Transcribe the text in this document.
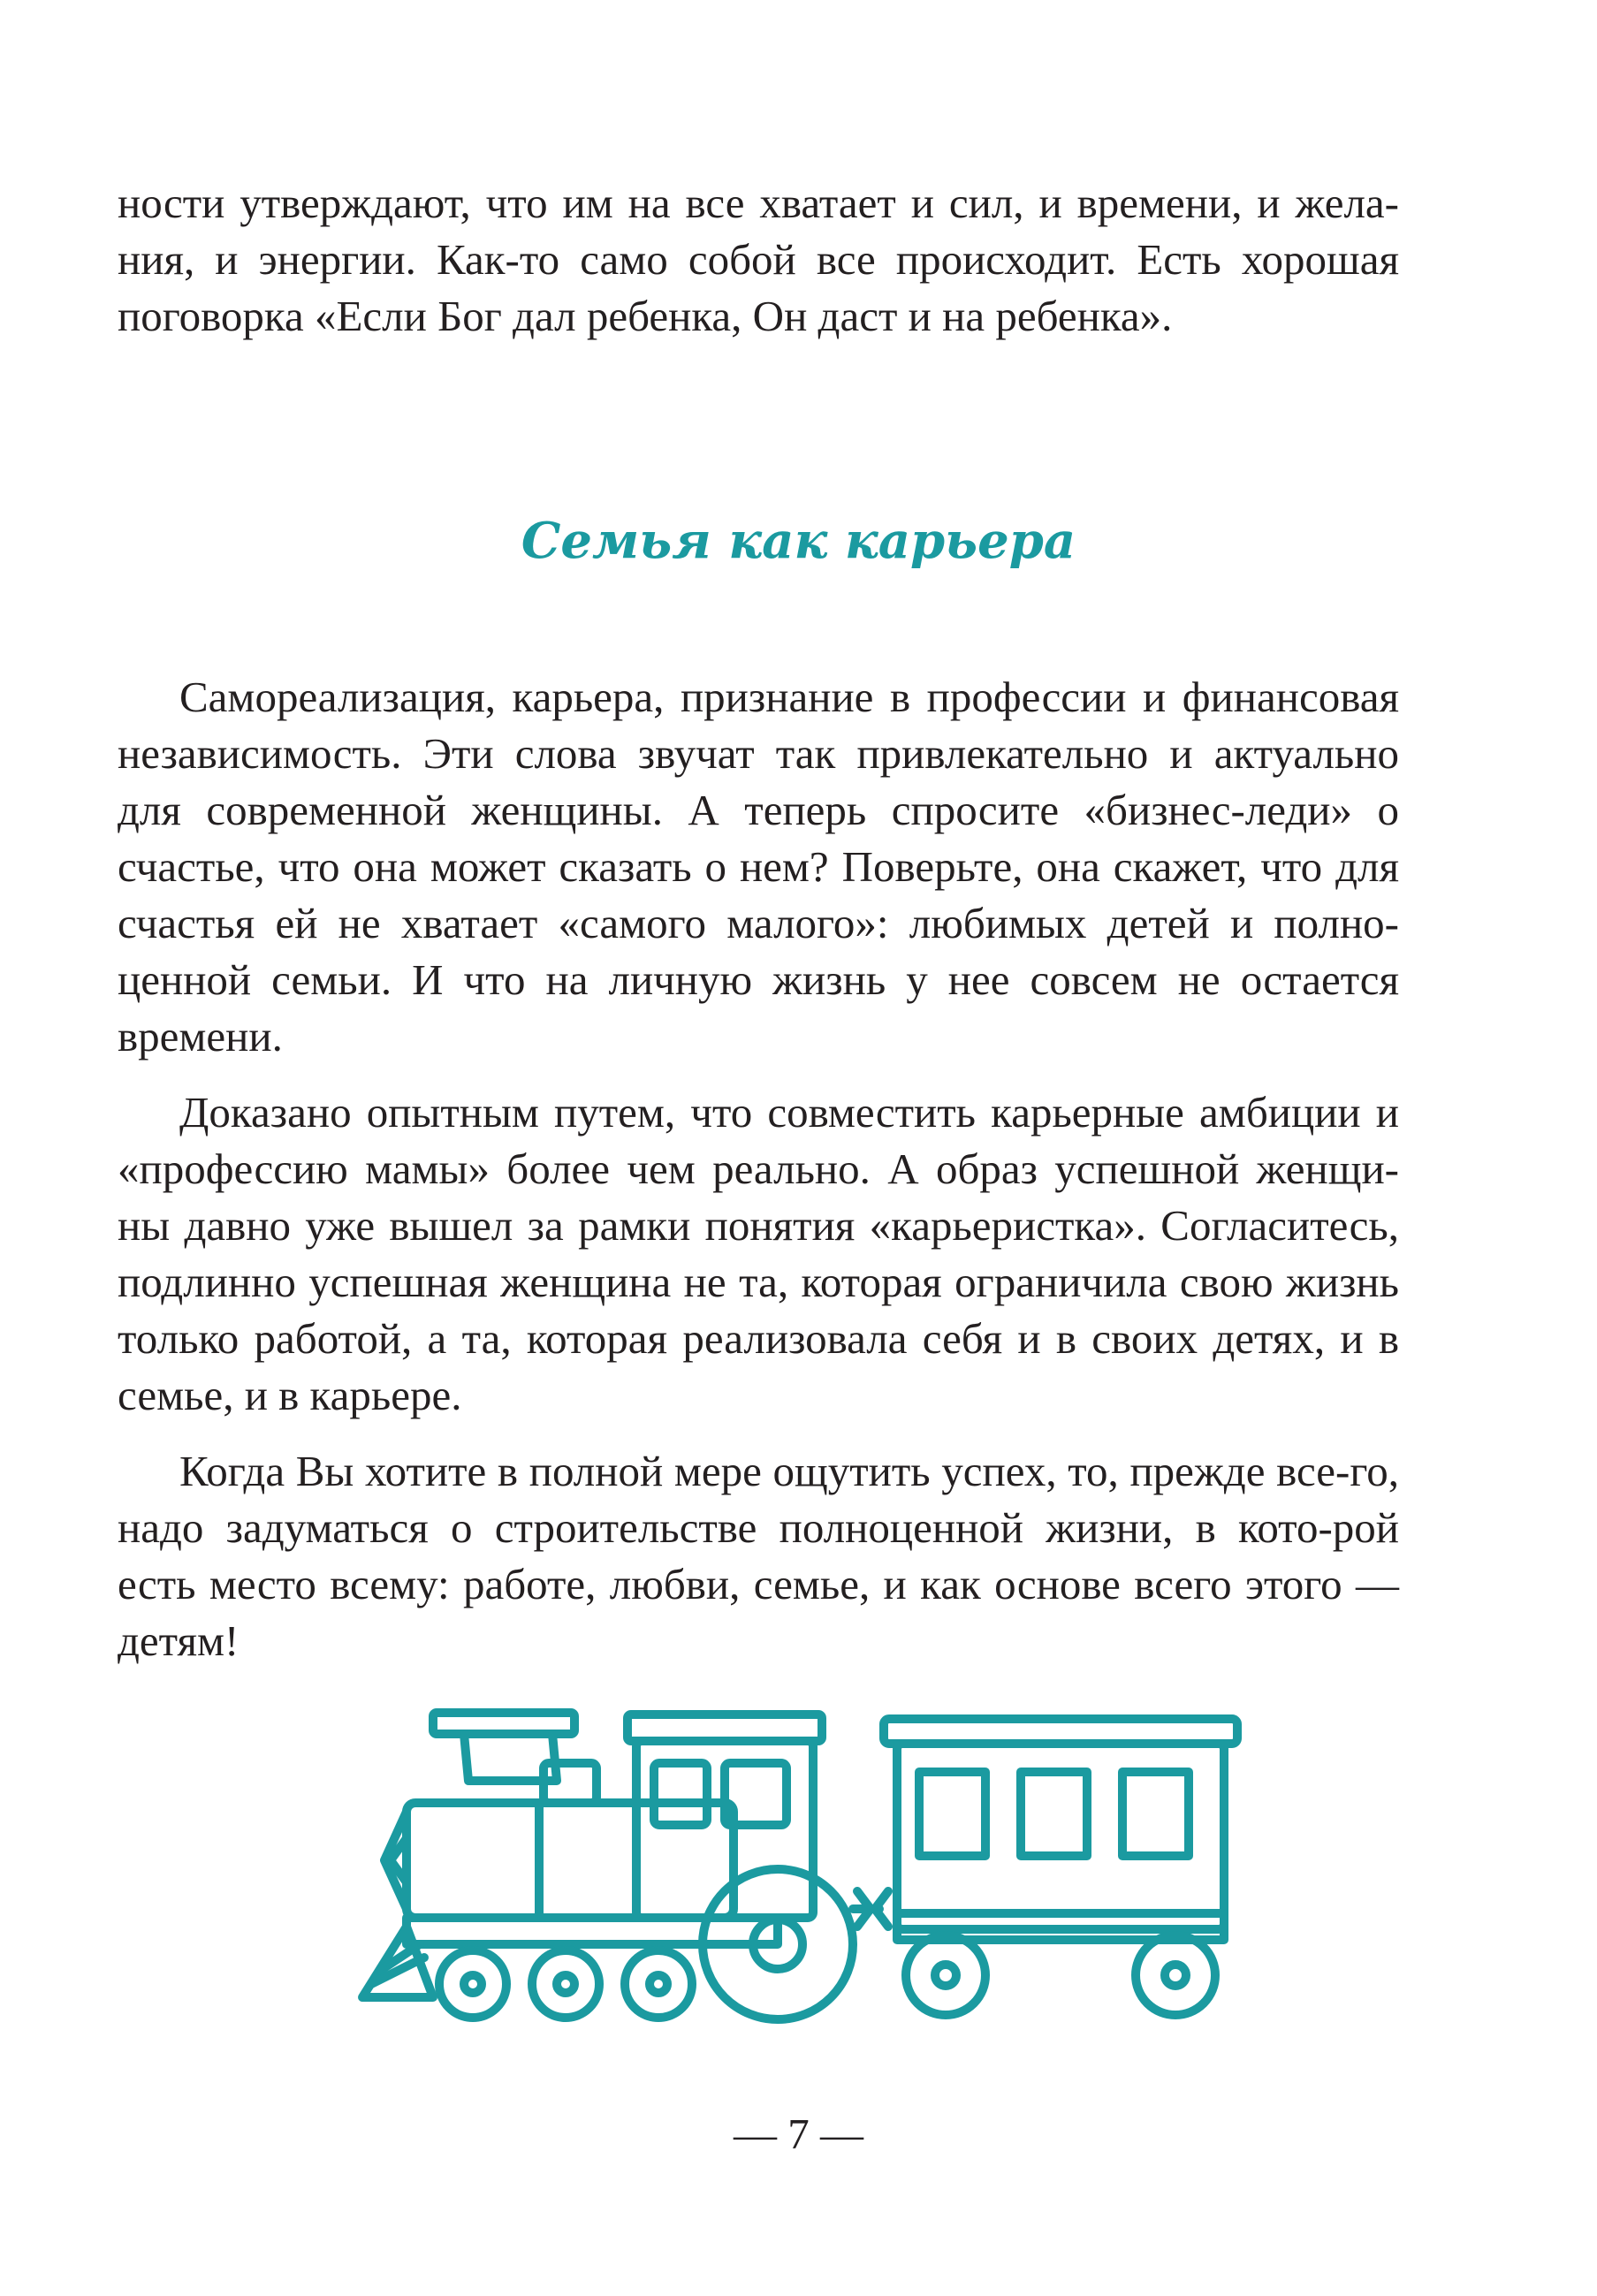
ности утверждают, что им на все хватает и сил, и времени, и жела-ния, и энергии. Как-то само собой все происходит. Есть хорошая поговорка «Если Бог дал ребенка, Он даст и на ребенка».

Семья как карьера

Самореализация, карьера, признание в профессии и финансовая независимость. Эти слова звучат так привлекательно и актуально для современной женщины. А теперь спросите «бизнес-леди» о счастье, что она может сказать о нем? Поверьте, она скажет, что для счастья ей не хватает «самого малого»: любимых детей и полно-ценной семьи. И что на личную жизнь у нее совсем не остается времени.

Доказано опытным путем, что совместить карьерные амбиции и «профессию мамы» более чем реально. А образ успешной женщи-ны давно уже вышел за рамки понятия «карьеристка». Согласитесь, подлинно успешная женщина не та, которая ограничила свою жизнь только работой, а та, которая реализовала себя и в своих детях, и в семье, и в карьере.

Когда Вы хотите в полной мере ощутить успех, то, прежде все-го, надо задуматься о строительстве полноценной жизни, в кото-рой есть место всему: работе, любви, семье, и как основе всего этого — детям!

— 7 —
